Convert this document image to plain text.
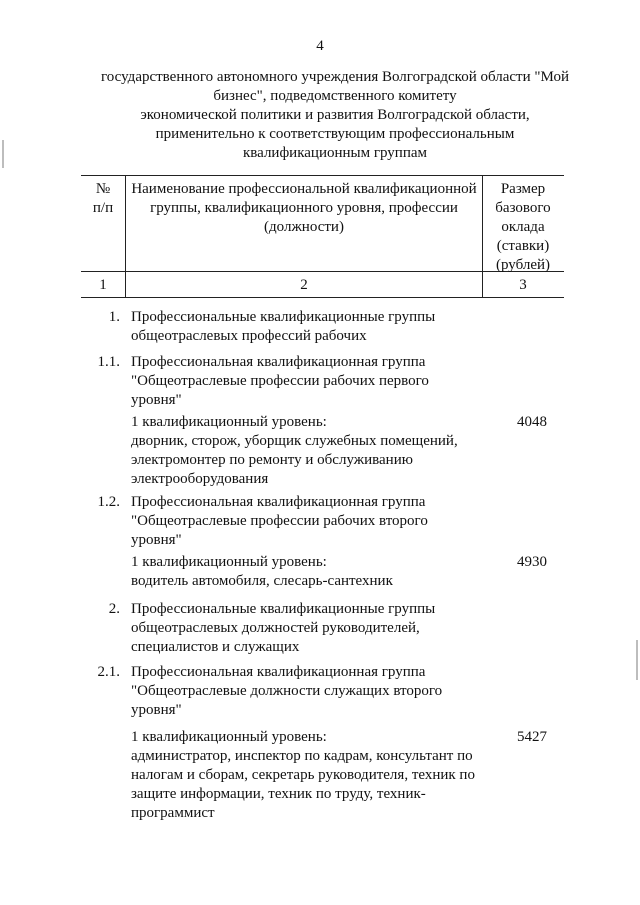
4
государственного автономного учреждения Волгоградской области "Мой
бизнес", подведомственного комитету
экономической политики и развития Волгоградской области,
применительно к соответствующим профессиональным
квалификационным группам
№
п/п
Наименование профессиональной квалификационной
группы, квалификационного уровня, профессии
(должности)
Размер
базового
оклада
(ставки)
(рублей)
1	2	3
1. Профессиональные квалификационные группы
общеотраслевых профессий рабочих
1.1. Профессиональная квалификационная группа
"Общеотраслевые профессии рабочих первого
уровня"
1 квалификационный уровень:
дворник, сторож, уборщик служебных помещений,
электромонтер по ремонту и обслуживанию
электрооборудования
4048
1.2. Профессиональная квалификационная группа
"Общеотраслевые профессии рабочих второго
уровня"
1 квалификационный уровень:
водитель автомобиля, слесарь-сантехник
4930
2. Профессиональные квалификационные группы
общеотраслевых должностей руководителей,
специалистов и служащих
2.1. Профессиональная квалификационная группа
"Общеотраслевые должности служащих второго
уровня"
1 квалификационный уровень:
администратор, инспектор по кадрам, консультант по
налогам и сборам, секретарь руководителя, техник по
защите информации, техник по труду, техник-
программист
5427
